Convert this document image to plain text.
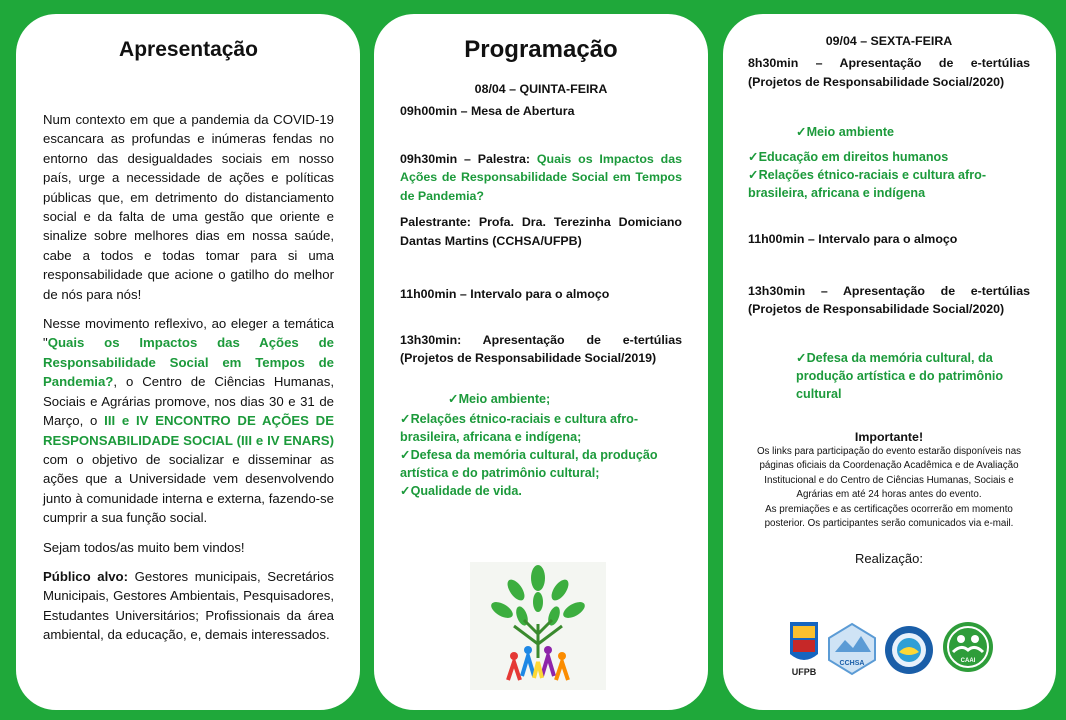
Apresentação

Num contexto em que a pandemia da COVID-19 escancara as profundas e inúmeras fendas no entorno das desigualdades sociais em nosso país, urge a necessidade de ações e políticas públicas que, em detrimento do distanciamento social e da falta de uma gestão que oriente e sinalize sobre melhores dias em nossa saúde, cabe a todos e todas tomar para si uma responsabilidade que acione o gatilho do melhor de nós para nós!

Nesse movimento reflexivo, ao eleger a temática "Quais os Impactos das Ações de Responsabilidade Social em Tempos de Pandemia?, o Centro de Ciências Humanas, Sociais e Agrárias promove, nos dias 30 e 31 de Março, o III e IV ENCONTRO DE AÇÕES DE RESPONSABILIDADE SOCIAL (III e IV ENARS) com o objetivo de socializar e disseminar as ações que a Universidade vem desenvolvendo junto à comunidade interna e externa, fazendo-se cumprir a sua função social.

Sejam todos/as muito bem vindos!

Público alvo: Gestores municipais, Secretários Municipais, Gestores Ambientais, Pesquisadores, Estudantes Universitários; Profissionais da área ambiental, da educação, e, demais interessados.

Programação
08/04 – QUINTA-FEIRA

09h00min – Mesa de Abertura

09h30min – Palestra: Quais os Impactos das Ações de Responsabilidade Social em Tempos de Pandemia?

Palestrante: Profa. Dra. Terezinha Domiciano Dantas Martins (CCHSA/UFPB)

11h00min – Intervalo para o almoço

13h30min: Apresentação de e-tertúlias (Projetos de Responsabilidade Social/2019)

✓Meio ambiente;
✓Relações étnico-raciais e cultura afro-brasileira, africana e indígena;
✓Defesa da memória cultural, da produção artística e do patrimônio cultural;
✓Qualidade de vida.
09/04 – SEXTA-FEIRA
8h30min – Apresentação de e-tertúlias (Projetos de Responsabilidade Social/2020)
✓Meio ambiente
✓Educação em direitos humanos
✓Relações étnico-raciais e cultura afro-brasileira, africana e indígena
11h00min – Intervalo para o almoço
13h30min – Apresentação de e-tertúlias (Projetos de Responsabilidade Social/2020)
✓Defesa da memória cultural, da produção artística e do patrimônio cultural
Importante!
Os links para participação do evento estarão disponíveis nas páginas oficiais da Coordenação Acadêmica e de Avaliação Institucional e do Centro de Ciências Humanas, Sociais e Agrárias em até 24 horas antes do evento.
As premiações e as certificações ocorrerão em momento posterior. Os participantes serão comunicados via e-mail.
Realização:
UFPB
CCHSA	CAAI
